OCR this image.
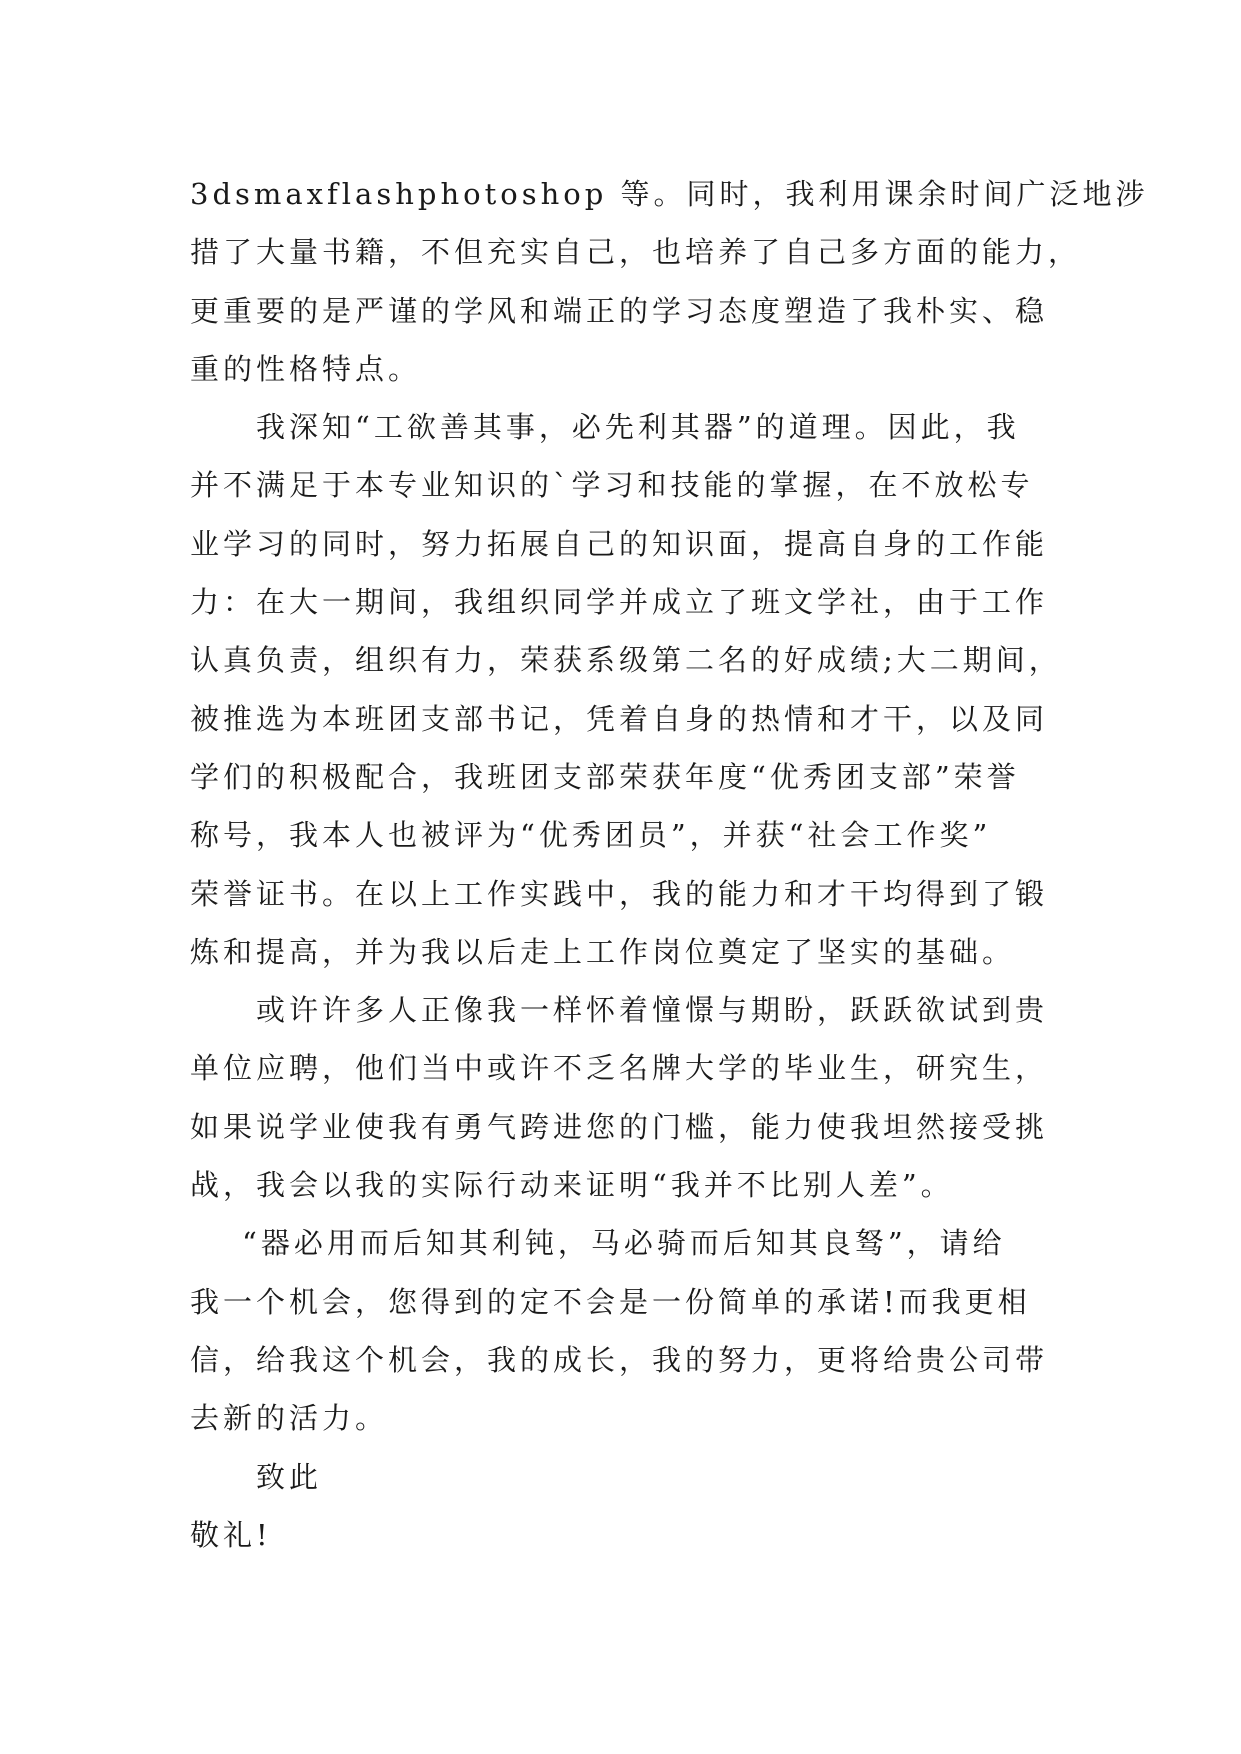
3dsmaxflashphotoshop 等。同时，我利用课余时间广泛地涉
措了大量书籍，不但充实自己，也培养了自己多方面的能力，
更重要的是严谨的学风和端正的学习态度塑造了我朴实、稳
重的性格特点。
我深知“工欲善其事，必先利其器”的道理。因此，我
并不满足于本专业知识的`学习和技能的掌握，在不放松专
业学习的同时，努力拓展自己的知识面，提高自身的工作能
力：在大一期间，我组织同学并成立了班文学社，由于工作
认真负责，组织有力，荣获系级第二名的好成绩;大二期间，
被推选为本班团支部书记，凭着自身的热情和才干，以及同
学们的积极配合，我班团支部荣获年度“优秀团支部”荣誉
称号，我本人也被评为“优秀团员”，并获“社会工作奖”
荣誉证书。在以上工作实践中，我的能力和才干均得到了锻
炼和提高，并为我以后走上工作岗位奠定了坚实的基础。
或许许多人正像我一样怀着憧憬与期盼，跃跃欲试到贵
单位应聘，他们当中或许不乏名牌大学的毕业生，研究生，
如果说学业使我有勇气跨进您的门槛，能力使我坦然接受挑
战，我会以我的实际行动来证明“我并不比别人差”。
“器必用而后知其利钝，马必骑而后知其良驽”，请给
我一个机会，您得到的定不会是一份简单的承诺!而我更相
信，给我这个机会，我的成长，我的努力，更将给贵公司带
去新的活力。
致此
敬礼!
